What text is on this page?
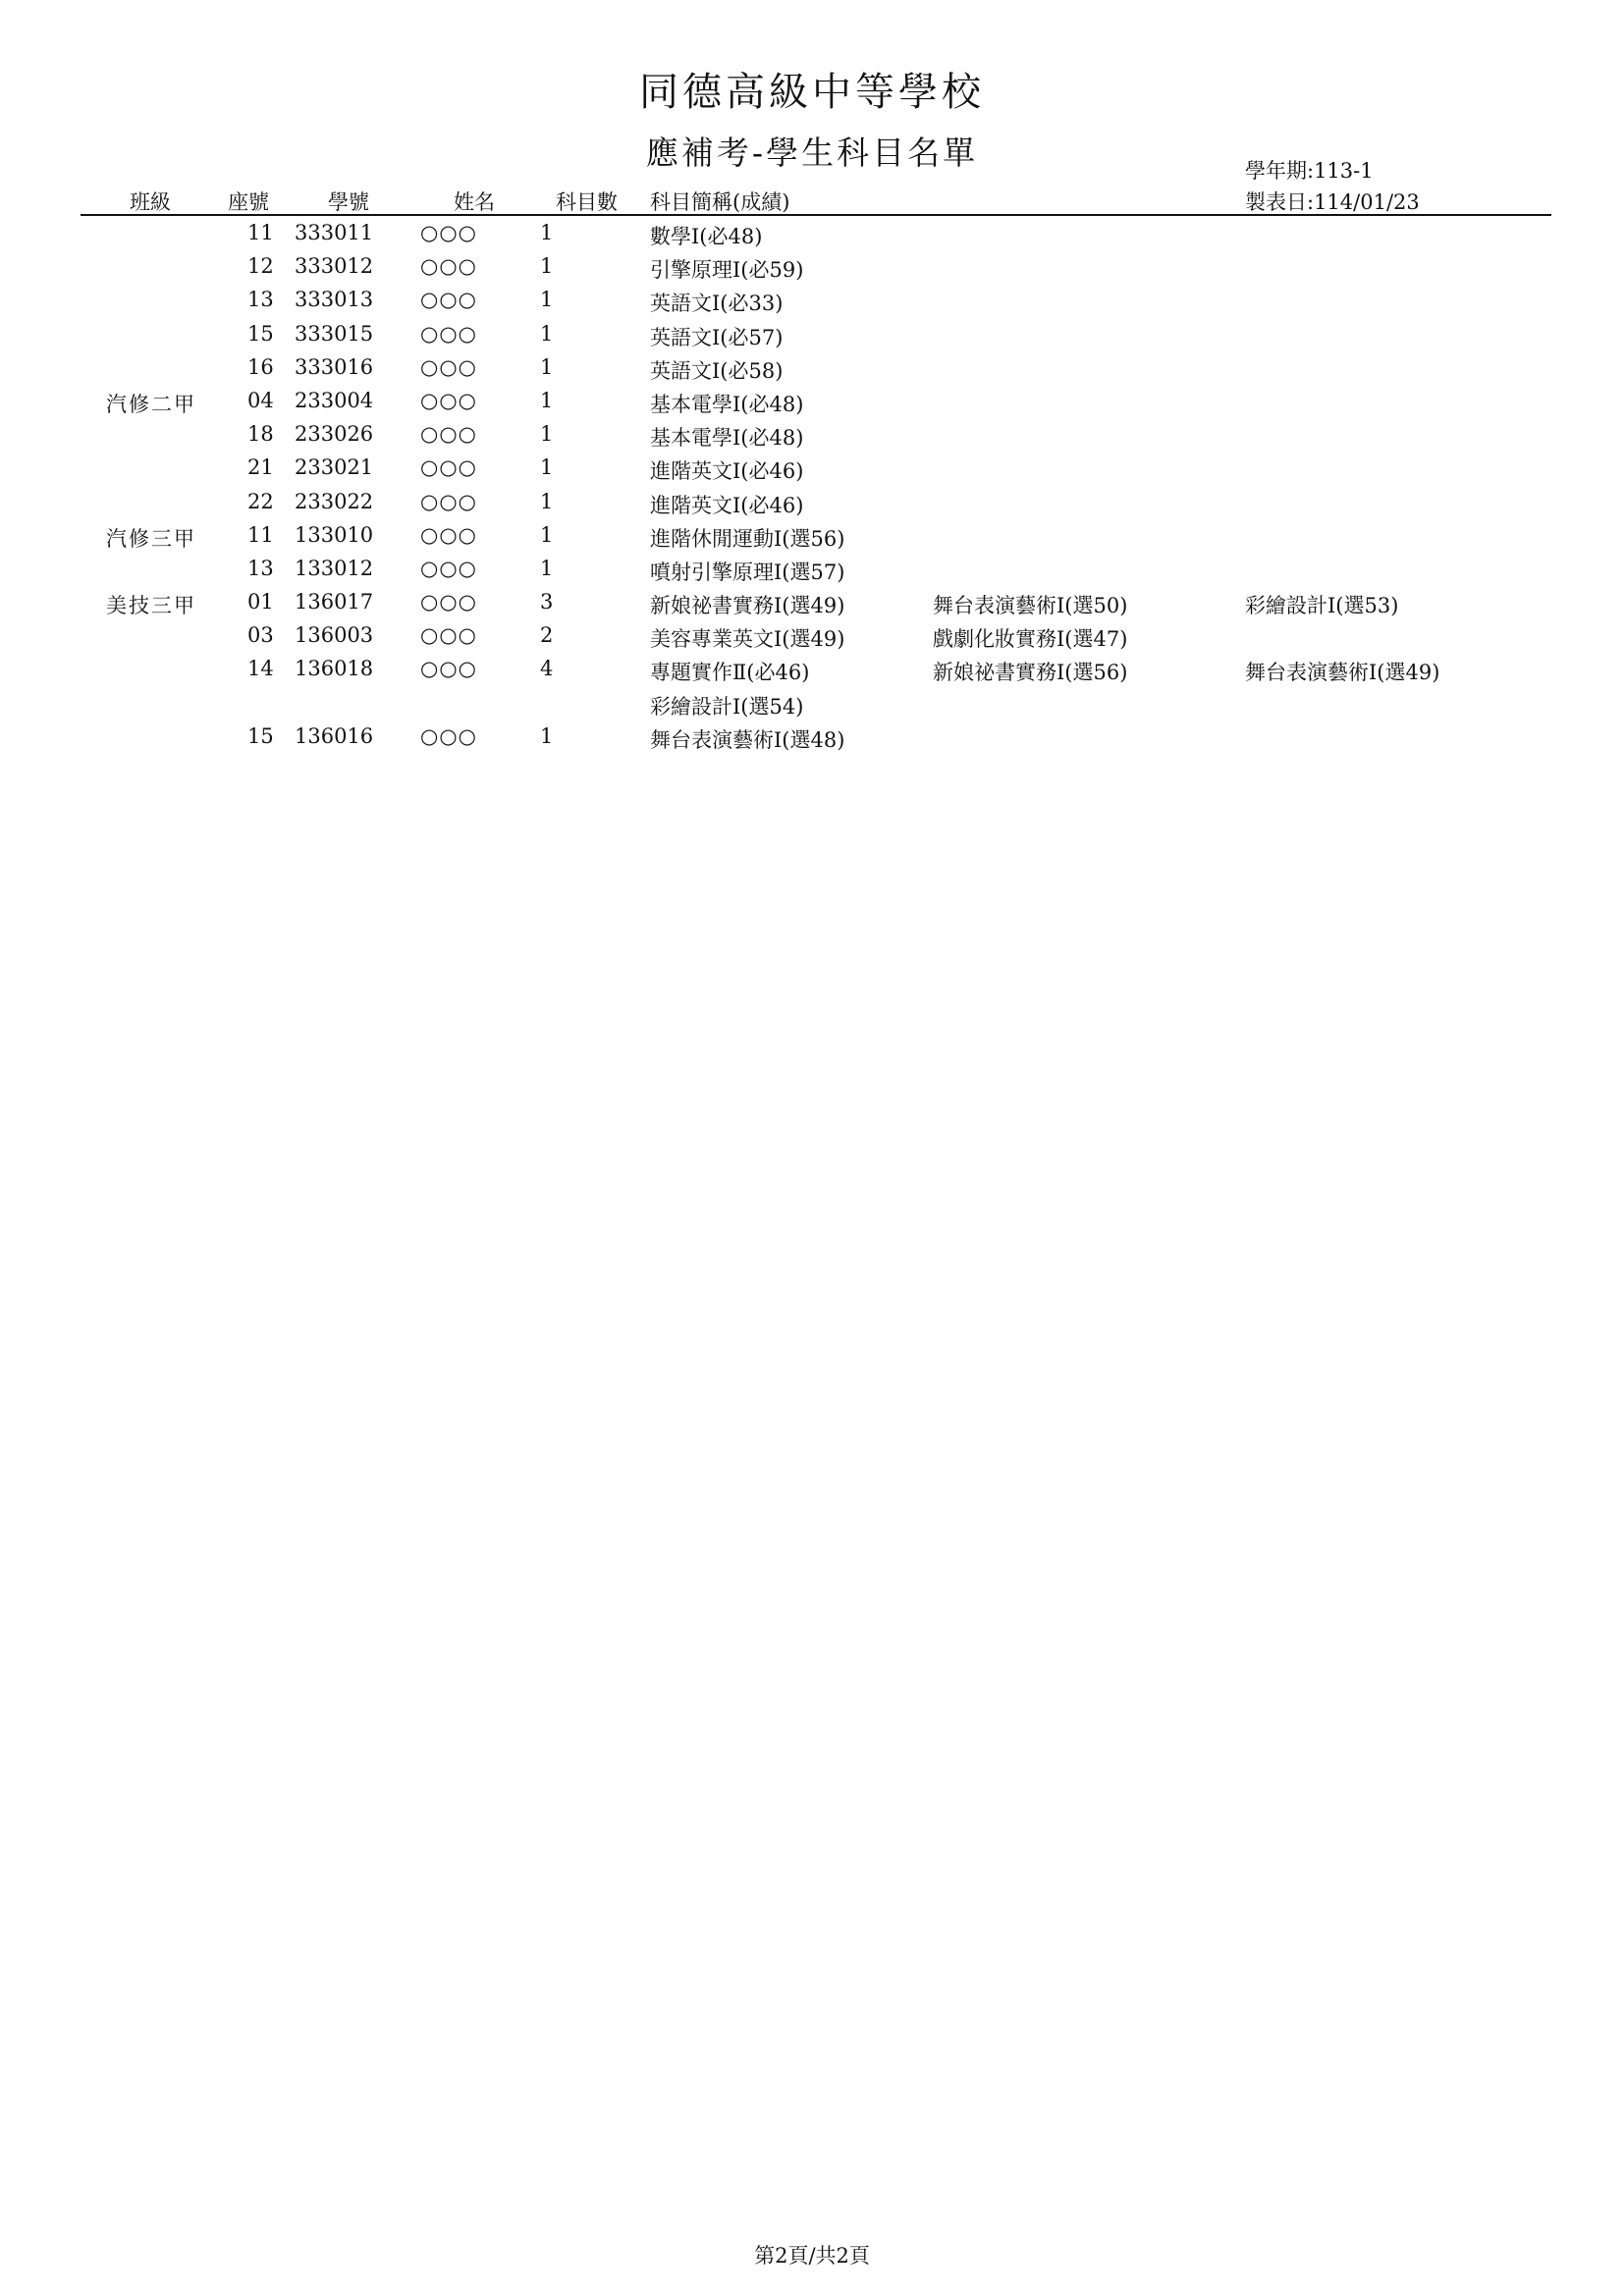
同德高級中等學校
應補考-學生科目名單	學年期:113-1
製表日:114/01/23
班級	座號	學號	姓名	科目數 科目簡稱(成績)
11 333011 ○○○	1	數學Ⅰ(必48)
12 333012 ○○○	1	引擎原理Ⅰ(必59)
13 333013 ○○○	1	英語文Ⅰ(必33)
15 333015 ○○○	1	英語文Ⅰ(必57)
16 333016 ○○○	1	英語文Ⅰ(必58)
汽修二甲 04 233004 ○○○	1	基本電學Ⅰ(必48)
18 233026 ○○○	1	基本電學Ⅰ(必48)
21 233021 ○○○	1	進階英文Ⅰ(必46)
22 233022 ○○○	1	進階英文Ⅰ(必46)
汽修三甲 11 133010 ○○○	1	進階休閒運動Ⅰ(選56)
13 133012 ○○○	1	噴射引擎原理Ⅰ(選57)
美技三甲 01 136017 ○○○	3	新娘祕書實務Ⅰ(選49)	舞台表演藝術Ⅰ(選50)	彩繪設計Ⅰ(選53)
03 136003 ○○○	2	美容專業英文Ⅰ(選49)	戲劇化妝實務Ⅰ(選47)
14 136018 ○○○	4	專題實作Ⅱ(必46)	新娘祕書實務Ⅰ(選56)	舞台表演藝術Ⅰ(選49)
彩繪設計Ⅰ(選54)
15 136016 ○○○	1	舞台表演藝術Ⅰ(選48)
第2頁/共2頁
